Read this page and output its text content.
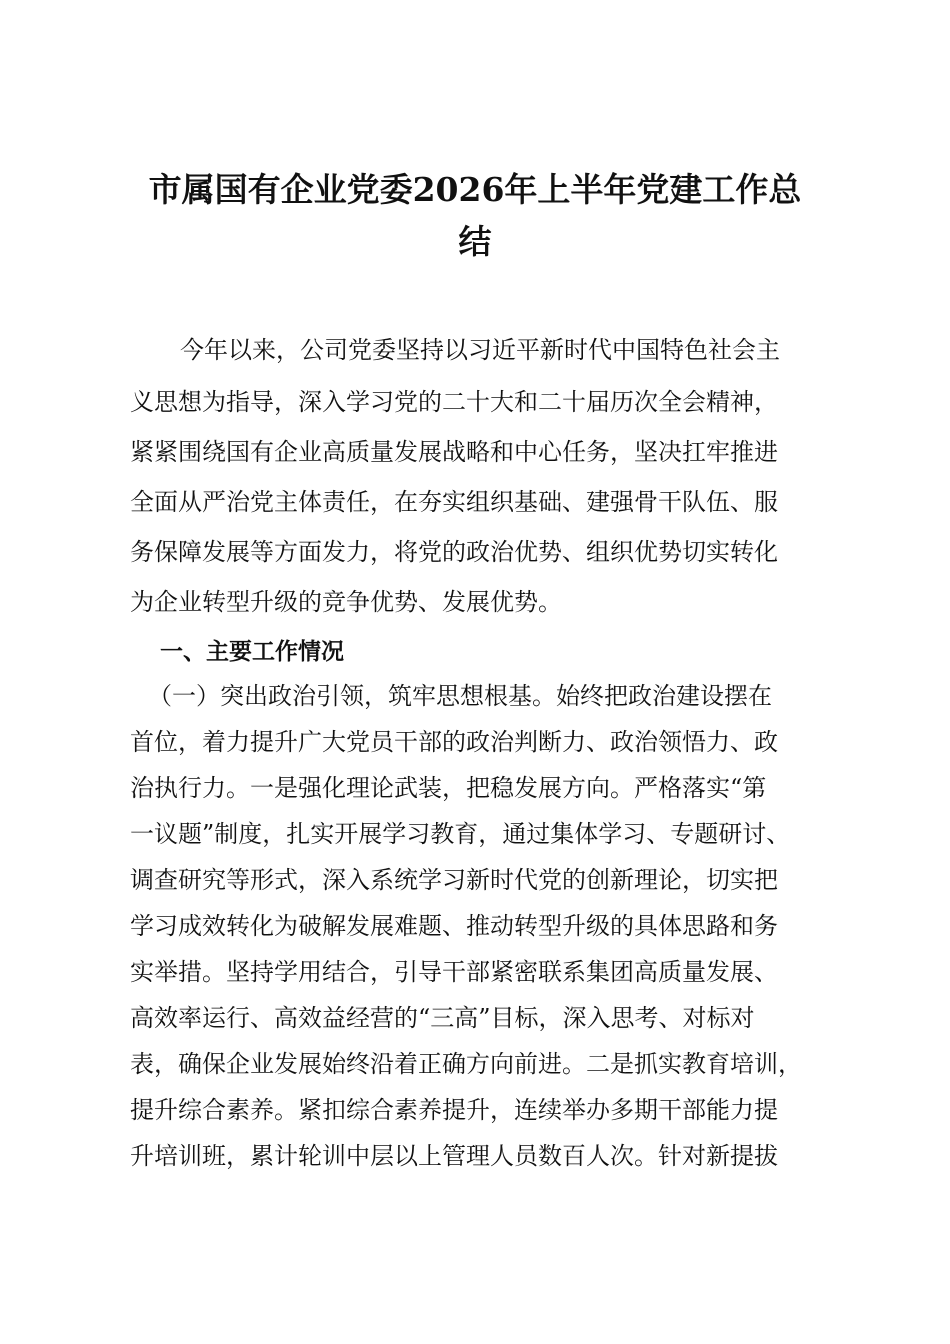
市属国有企业党委2026年上半年党建工作总
结

今年以来，公司党委坚持以习近平新时代中国特色社会主

义思想为指导，深入学习党的二十大和二十届历次全会精神，

紧紧围绕国有企业高质量发展战略和中心任务，坚决扛牢推进

全面从严治党主体责任，在夯实组织基础、建强骨干队伍、服

务保障发展等方面发力，将党的政治优势、组织优势切实转化

为企业转型升级的竞争优势、发展优势。

一、主要工作情况

（一）突出政治引领，筑牢思想根基。始终把政治建设摆在

首位，着力提升广大党员干部的政治判断力、政治领悟力、政

治执行力。一是强化理论武装，把稳发展方向。严格落实“第

一议题”制度，扎实开展学习教育，通过集体学习、专题研讨、

调查研究等形式，深入系统学习新时代党的创新理论，切实把

学习成效转化为破解发展难题、推动转型升级的具体思路和务

实举措。坚持学用结合，引导干部紧密联系集团高质量发展、

高效率运行、高效益经营的“三高”目标，深入思考、对标对

表，确保企业发展始终沿着正确方向前进。二是抓实教育培训，

提升综合素养。紧扣综合素养提升，连续举办多期干部能力提

升培训班，累计轮训中层以上管理人员数百人次。针对新提拔
